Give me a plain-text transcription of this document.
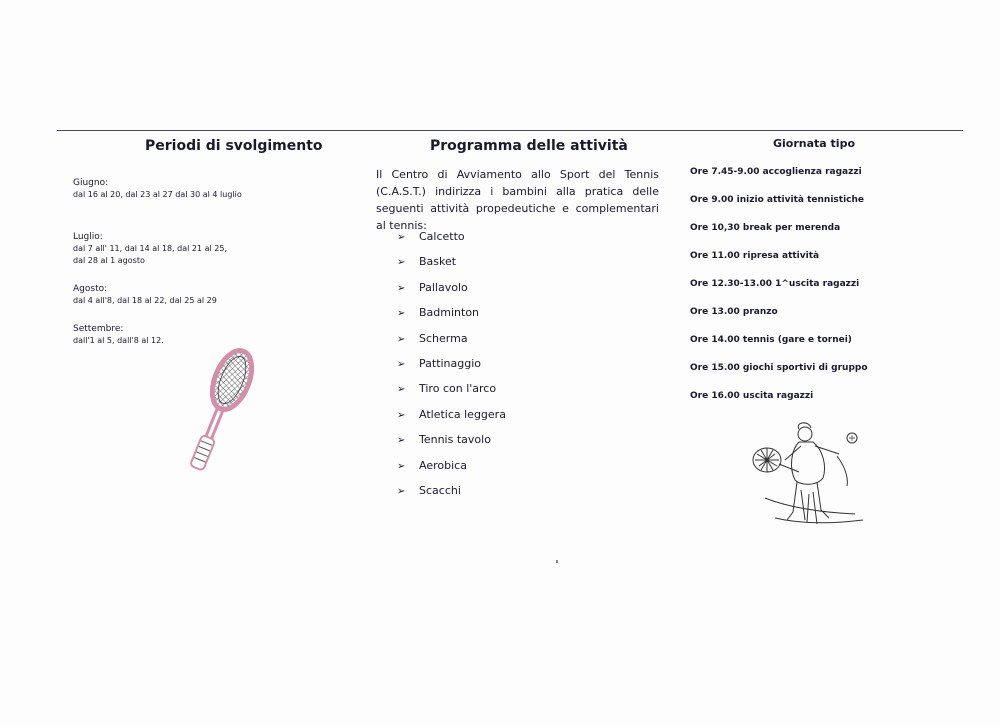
Periodi di svolgimento
Giugno:
dal 16 al 20, dal 23 al 27 dal 30 al 4 luglio
Luglio:
dal 7 all' 11, dal 14 al 18, dal 21 al 25,
dal 28 al 1 agosto
Agosto:
dal 4 all'8, dal 18 al 22, dal 25 al 29
Settembre:
dall'1 al 5, dall'8 al 12.
Programma delle attività
Il Centro di Avviamento allo Sport del Tennis (C.A.S.T.) indirizza i bambini alla pratica delle seguenti attività propedeutiche e complementari al tennis:
➢ Calcetto
➢ Basket
➢ Pallavolo
➢ Badminton
➢ Scherma
➢ Pattinaggio
➢ Tiro con l'arco
➢ Atletica leggera
➢ Tennis tavolo
➢ Aerobica
➢ Scacchi
Giornata tipo
Ore 7.45-9.00 accoglienza ragazzi
Ore 9.00 inizio attività tennistiche
Ore 10,30 break per merenda
Ore 11.00 ripresa attività
Ore 12.30-13.00 1^uscita ragazzi
Ore 13.00 pranzo
Ore 14.00 tennis (gare e tornei)
Ore 15.00 giochi sportivi di gruppo
Ore 16.00 uscita ragazzi
